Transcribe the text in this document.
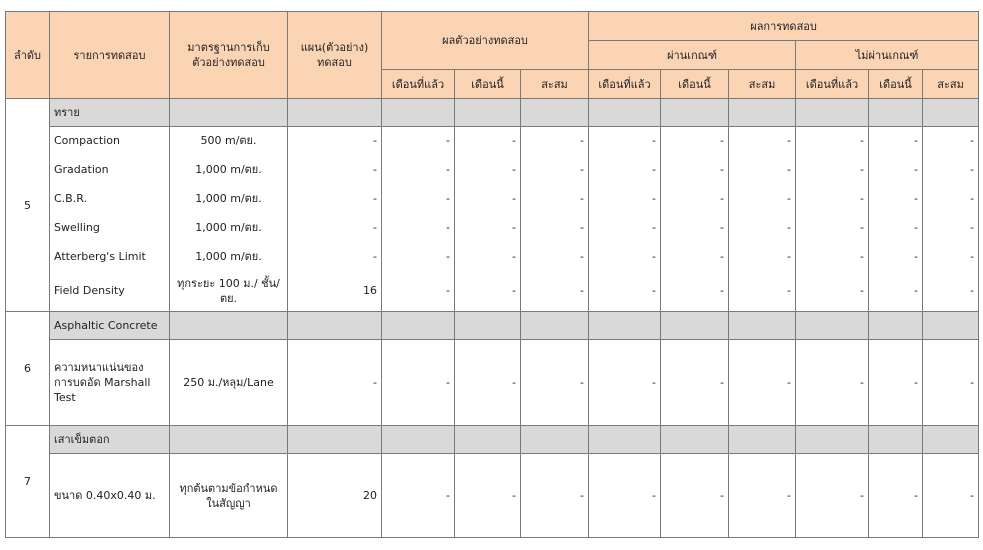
ลำดับ	รายการทดสอบ	มาตรฐานการเก็บ ตัวอย่างทดสอบ	แผน(ตัวอย่าง) ทดสอบ	ผลตัวอย่างทดสอบ			ผลการทดสอบ					
							ผ่านเกณฑ์			ไม่ผ่านเกณฑ์		
				เดือนที่แล้ว	เดือนนี้	สะสม	เดือนที่แล้ว	เดือนนี้	สะสม	เดือนที่แล้ว	เดือนนี้	สะสม
5	ทราย											
	Compaction	500 m/ตย.	-	-	-	-	-	-	-	-	-	-
	Gradation	1,000 m/ตย.	-	-	-	-	-	-	-	-	-	-
	C.B.R.	1,000 m/ตย.	-	-	-	-	-	-	-	-	-	-
	Swelling	1,000 m/ตย.	-	-	-	-	-	-	-	-	-	-
	Atterberg's Limit	1,000 m/ตย.	-	-	-	-	-	-	-	-	-	-
	Field Density	ทุกระยะ 100 ม./ ชั้น/ตย.	16	-	-	-	-	-	-	-	-	-
6	Asphaltic Concrete											
	ความหนาแน่นของ การบดอัด Marshall Test	250 ม./หลุม/Lane	-	-	-	-	-	-	-	-	-	-
7	เสาเข็มตอก											
	ขนาด 0.40x0.40 ม.	ทุกต้นตามข้อกำหนด ในสัญญา	20	-	-	-	-	-	-	-	-	-
